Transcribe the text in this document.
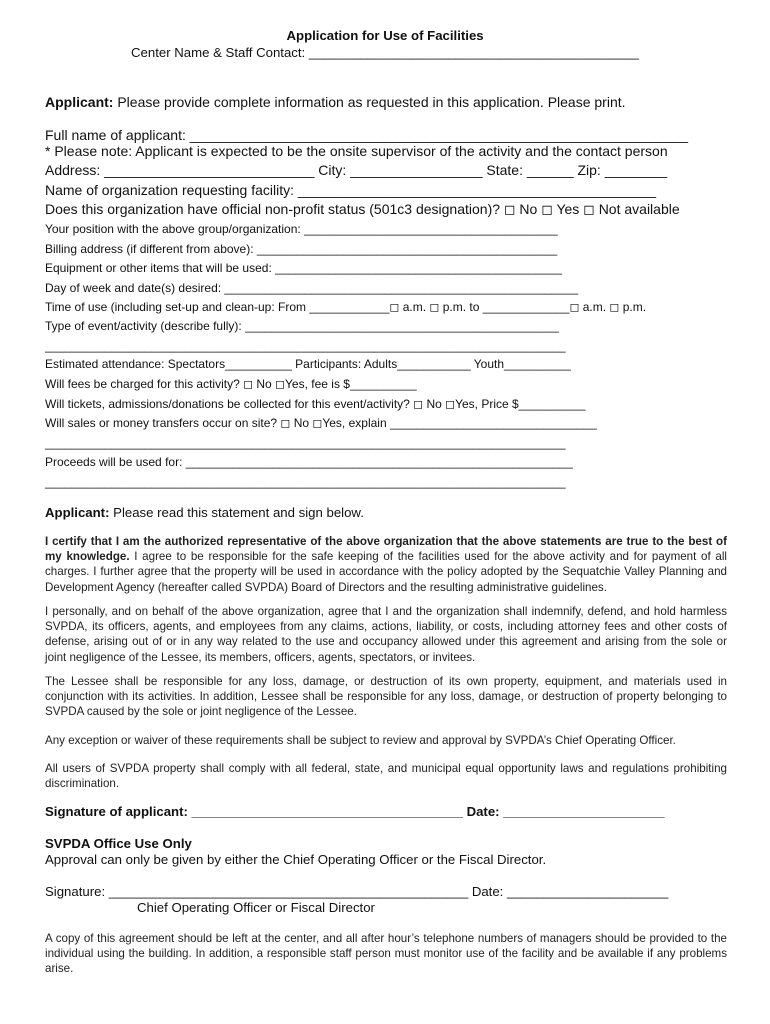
Application for Use of Facilities
Center Name & Staff Contact: _____________________________________________
Applicant: Please provide complete information as requested in this application. Please print.
Full name of applicant: ________________________________________________________________
* Please note: Applicant is expected to be the onsite supervisor of the activity and the contact person
Address: ___________________________ City: _________________ State: ______ Zip: ________
Name of organization requesting facility: ______________________________________________
Does this organization have official non-profit status (501c3 designation)? ◻ No ◻ Yes ◻ Not available
Your position with the above group/organization: ______________________________________
Billing address (if different from above): _____________________________________________
Equipment or other items that will be used: ___________________________________________
Day of week and date(s) desired: _____________________________________________________
Time of use (including set-up and clean-up: From ____________◻ a.m. ◻ p.m. to _____________◻ a.m. ◻ p.m.
Type of event/activity (describe fully): _______________________________________________
______________________________________________________________________________
Estimated attendance: Spectators__________ Participants: Adults___________ Youth__________
Will fees be charged for this activity? ◻ No ◻Yes, fee is $__________
Will tickets, admissions/donations be collected for this event/activity? ◻ No ◻Yes, Price $__________
Will sales or money transfers occur on site? ◻ No ◻Yes, explain _______________________________
______________________________________________________________________________
Proceeds will be used for: __________________________________________________________
______________________________________________________________________________
Applicant: Please read this statement and sign below.
I certify that I am the authorized representative of the above organization that the above statements are true to the best of my knowledge. I agree to be responsible for the safe keeping of the facilities used for the above activity and for payment of all charges. I further agree that the property will be used in accordance with the policy adopted by the Sequatchie Valley Planning and Development Agency (hereafter called SVPDA) Board of Directors and the resulting administrative guidelines.
I personally, and on behalf of the above organization, agree that I and the organization shall indemnify, defend, and hold harmless SVPDA, its officers, agents, and employees from any claims, actions, liability, or costs, including attorney fees and other costs of defense, arising out of or in any way related to the use and occupancy allowed under this agreement and arising from the sole or joint negligence of the Lessee, its members, officers, agents, spectators, or invitees.
The Lessee shall be responsible for any loss, damage, or destruction of its own property, equipment, and materials used in conjunction with its activities. In addition, Lessee shall be responsible for any loss, damage, or destruction of property belonging to SVPDA caused by the sole or joint negligence of the Lessee.
Any exception or waiver of these requirements shall be subject to review and approval by SVPDA’s Chief Operating Officer.
All users of SVPDA property shall comply with all federal, state, and municipal equal opportunity laws and regulations prohibiting discrimination.
Signature of applicant: _____________________________________ Date: ______________________
SVPDA Office Use Only
Approval can only be given by either the Chief Operating Officer or the Fiscal Director.
Signature: _________________________________________________ Date: ______________________
Chief Operating Officer or Fiscal Director
A copy of this agreement should be left at the center, and all after hour’s telephone numbers of managers should be provided to the individual using the building. In addition, a responsible staff person must monitor use of the facility and be available if any problems arise.
